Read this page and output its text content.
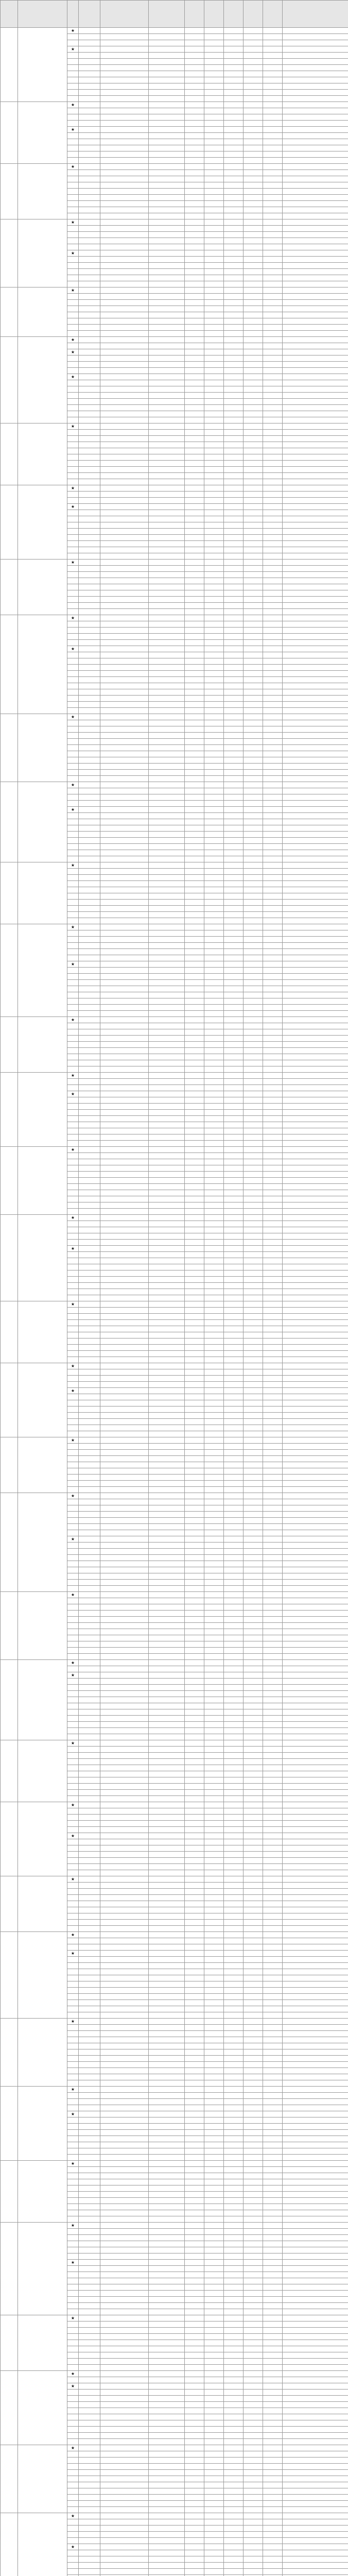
		★									

		★									

		★									

		★									

		★									

		★									

		★									

		★									

		★									

		★									

		★									

		★									

		★									

		★									

		★									

		★									

		★									

		★									

		★									

		★									

		★									

		★									

		★									

		★									

		★									

		★									

		★									

		★									

		★									

		★									

		★									

		★									

		★									

		★									

		★									

		★									

		★									

		★									

		★									

		★									

		★									

		★									

		★									

		★									

		★									

		★									

		★									

		★									

		★									

		★									

		★									

		★									

		★									

		★									

		★									

		★									
